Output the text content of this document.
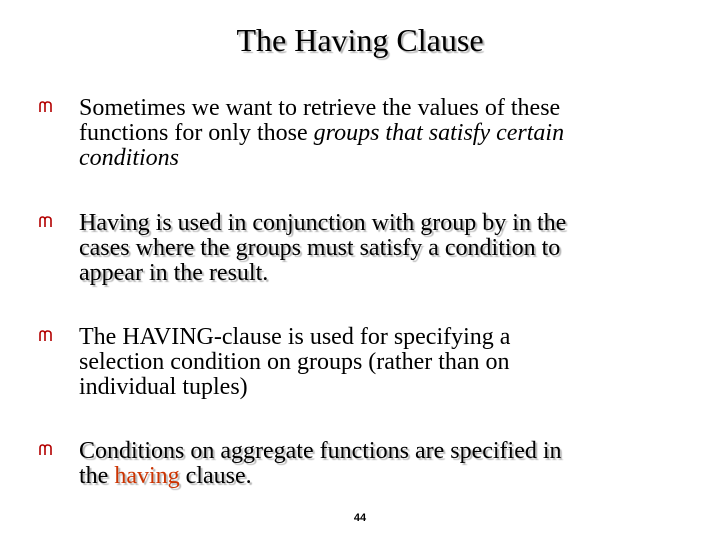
The Having Clause
Sometimes we want to retrieve the values of these
functions for only those groups that satisfy certain
conditions
Having is used in conjunction with group by in the
cases where the groups must satisfy a condition to
appear in the result.
The HAVING-clause is used for specifying a
selection condition on groups (rather than on
individual tuples)
Conditions on aggregate functions are specified in
the having clause.
44
